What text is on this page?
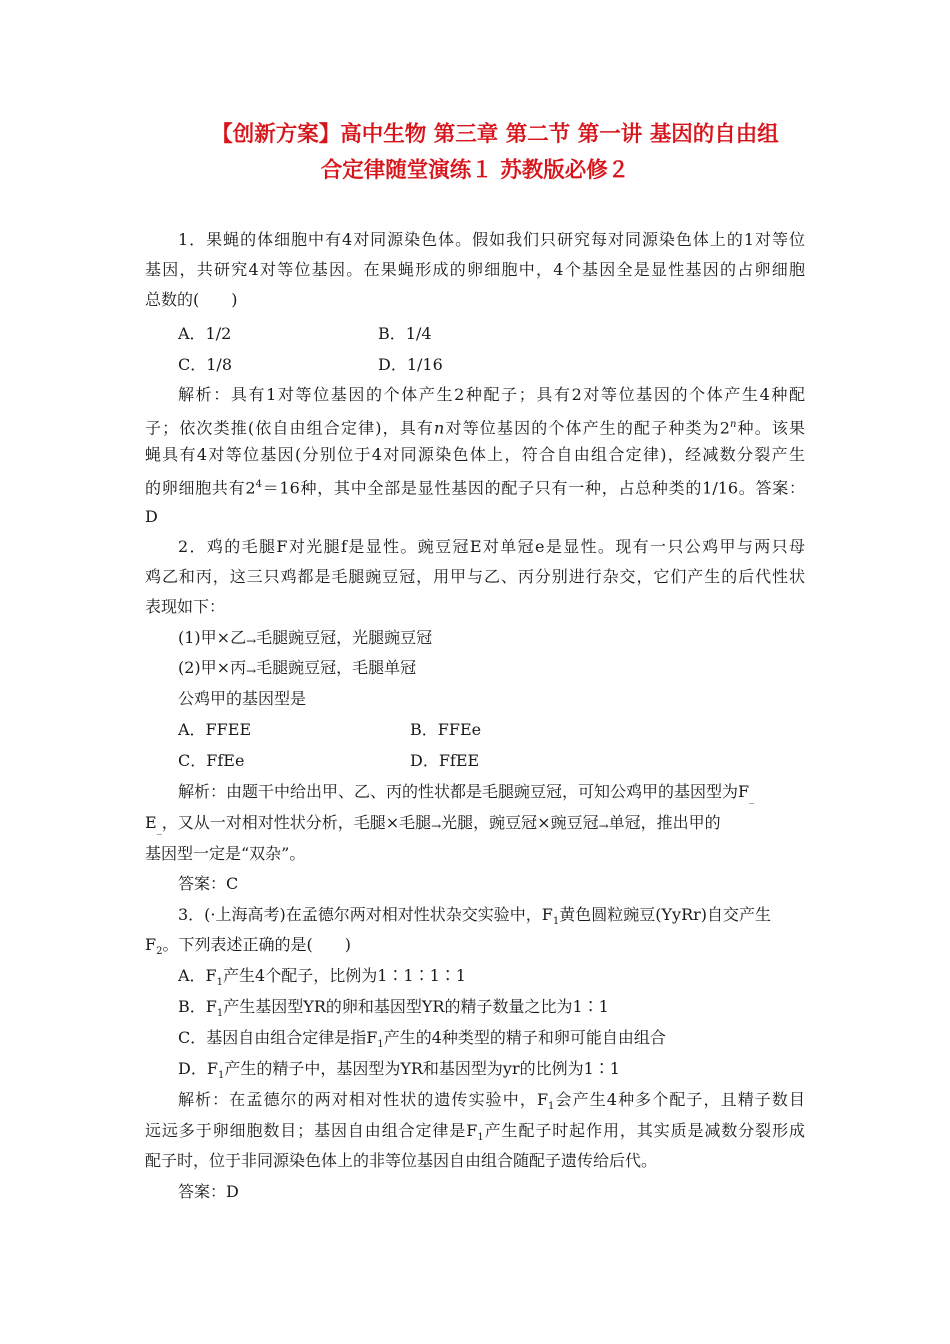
【创新方案】高中生物 第三章 第二节 第一讲 基因的自由组
合定律随堂演练１ 苏教版必修２
1．果蝇的体细胞中有4对同源染色体。假如我们只研究每对同源染色体上的1对等位
基因，共研究4对等位基因。在果蝇形成的卵细胞中，4个基因全是显性基因的占卵细胞
总数的(　　)
A．1/2	B．1/4
C．1/8	D．1/16
解析：具有1对等位基因的个体产生2种配子；具有2对等位基因的个体产生4种配
子；依次类推(依自由组合定律)，具有n对等位基因的个体产生的配子种类为2$^n$种。该果
蝇具有4对等位基因(分别位于4对同源染色体上，符合自由组合定律)，经减数分裂产生
的卵细胞共有$2^4=16$种，其中全部是显性基因的配子只有一种，占总种类的1/16。答案：
D
2．鸡的毛腿F对光腿f是显性。豌豆冠E对单冠e是显性。现有一只公鸡甲与两只母
鸡乙和丙，这三只鸡都是毛腿豌豆冠，用甲与乙、丙分别进行杂交，它们产生的后代性状
表现如下：
(1)甲×乙→毛腿豌豆冠，光腿豌豆冠
(2)甲×丙→毛腿豌豆冠，毛腿单冠
公鸡甲的基因型是
A．FFEE	B．FFEe
C．FfEe	D．FfEE
解析：由题干中给出甲、乙、丙的性状都是毛腿豌豆冠，可知公鸡甲的基因型为$F_{\_}$
$E_{\_}$，又从一对相对性状分析，毛腿×毛腿→光腿，豌豆冠×豌豆冠→单冠，推出甲的
基因型一定是“双杂”。
答案：C
3．(·上海高考)在孟德尔两对相对性状杂交实验中，$F_1$黄色圆粒豌豆(YyRr)自交产生
$F_2$。下列表述正确的是(　　)
A．$F_1$产生4个配子，比例为1∶1∶1∶1
B．$F_1$产生基因型YR的卵和基因型YR的精子数量之比为1∶1
C．基因自由组合定律是指$F_1$产生的4种类型的精子和卵可能自由组合
D．$F_1$产生的精子中，基因型为YR和基因型为yr的比例为1∶1
解析：在孟德尔的两对相对性状的遗传实验中，$F_1$会产生4种多个配子，且精子数目
远远多于卵细胞数目；基因自由组合定律是$F_1$产生配子时起作用，其实质是减数分裂形成
配子时，位于非同源染色体上的非等位基因自由组合随配子遗传给后代。
答案：D
